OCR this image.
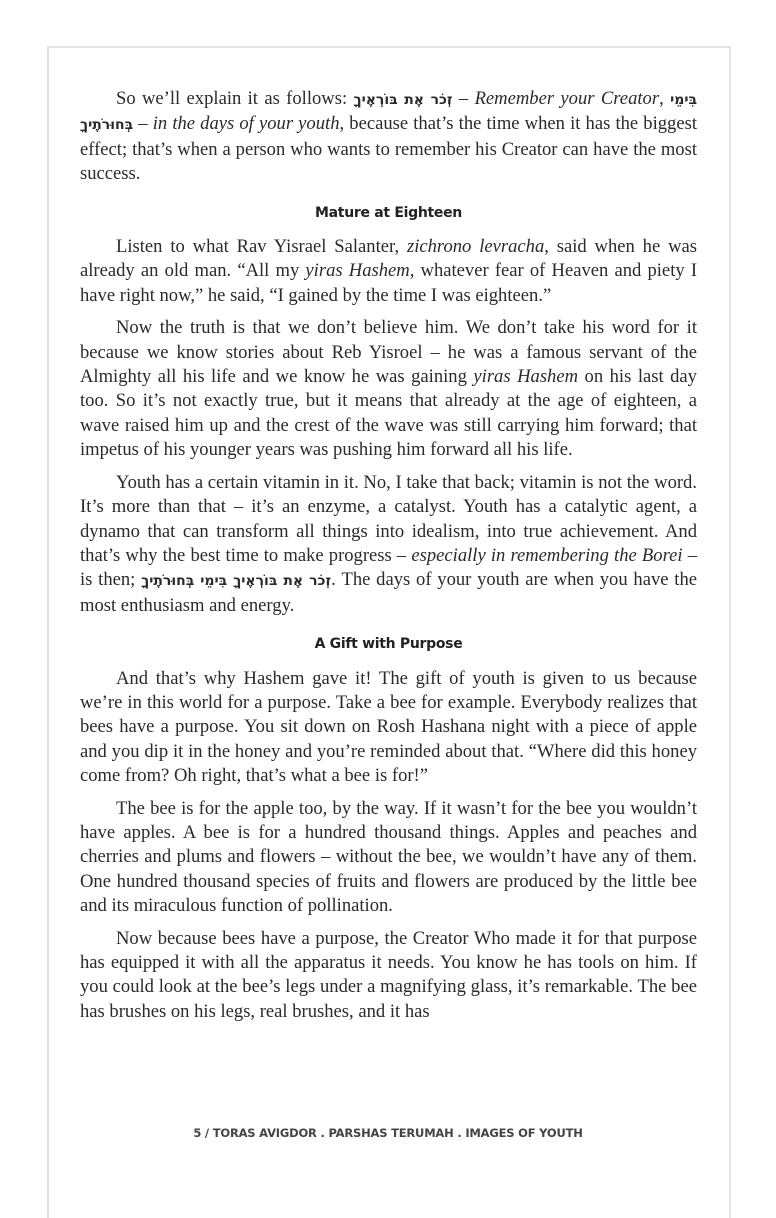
So we’ll explain it as follows: זְכֹר אֶת בּוֹרְאֶיךָ – Remember your Creator, בִּימֵי בְּחוּרֹתֶיךָ – in the days of your youth, because that’s the time when it has the biggest effect; that’s when a person who wants to remember his Creator can have the most success.

Mature at Eighteen

Listen to what Rav Yisrael Salanter, zichrono levracha, said when he was already an old man. “All my yiras Hashem, whatever fear of Heaven and piety I have right now,” he said, “I gained by the time I was eighteen.”

Now the truth is that we don’t believe him. We don’t take his word for it because we know stories about Reb Yisroel – he was a famous servant of the Almighty all his life and we know he was gaining yiras Hashem on his last day too. So it’s not exactly true, but it means that already at the age of eighteen, a wave raised him up and the crest of the wave was still carrying him forward; that impetus of his younger years was pushing him forward all his life.

Youth has a certain vitamin in it. No, I take that back; vitamin is not the word. It’s more than that – it’s an enzyme, a catalyst. Youth has a catalytic agent, a dynamo that can transform all things into idealism, into true achievement. And that’s why the best time to make progress – especially in remembering the Borei – is then; זְכֹר אֶת בּוֹרְאֶיךָ בִּימֵי בְּחוּרֹתֶיךָ. The days of your youth are when you have the most enthusiasm and energy.

A Gift with Purpose

And that’s why Hashem gave it! The gift of youth is given to us because we’re in this world for a purpose. Take a bee for example. Everybody realizes that bees have a purpose. You sit down on Rosh Hashana night with a piece of apple and you dip it in the honey and you’re reminded about that. “Where did this honey come from? Oh right, that’s what a bee is for!”

The bee is for the apple too, by the way. If it wasn’t for the bee you wouldn’t have apples. A bee is for a hundred thousand things. Apples and peaches and cherries and plums and flowers – without the bee, we wouldn’t have any of them. One hundred thousand species of fruits and flowers are produced by the little bee and its miraculous function of pollination.

Now because bees have a purpose, the Creator Who made it for that purpose has equipped it with all the apparatus it needs. You know he has tools on him. If you could look at the bee’s legs under a magnifying glass, it’s remarkable. The bee has brushes on his legs, real brushes, and it has

5 / TORAS AVIGDOR . PARSHAS TERUMAH . IMAGES OF YOUTH
